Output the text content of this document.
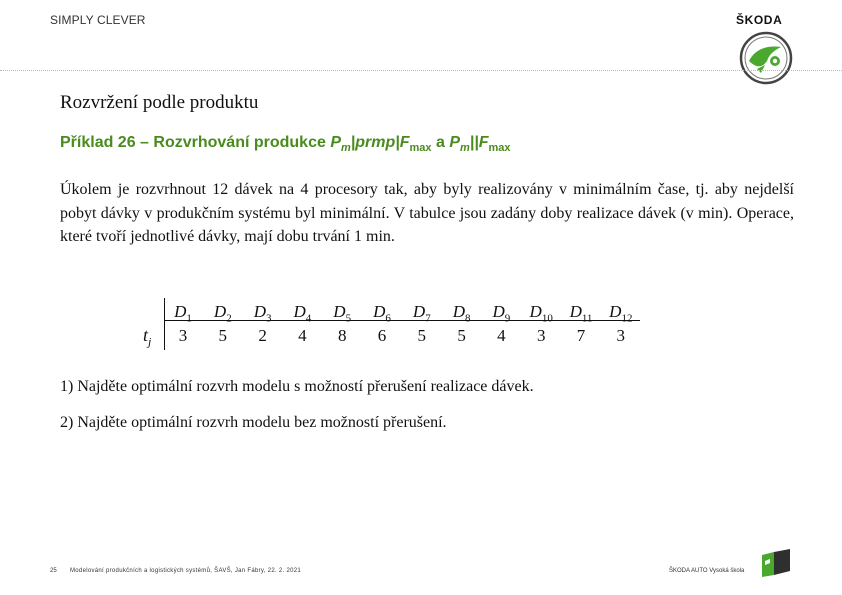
SIMPLY CLEVER	ŠKODA
Rozvržení podle produktu
Příklad 26 – Rozvrhování produkce $P_m|prmp|F_{max}$ a $P_m||F_{max}$
Úkolem je rozvrhnout 12 dávek na 4 procesory tak, aby byly realizovány v minimálním čase, tj. aby nejdelší pobyt dávky v produkčním systému byl minimální. V tabulce jsou zadány doby realizace dávek (v min). Operace, které tvoří jednotlivé dávky, mají dobu trvání 1 min.
$t_j$
$D_1$
3
$D_2$
5
$D_3$
2
$D_4$
4
$D_5$
8
$D_6$
6
$D_7$
5
$D_8$
5
$D_9$
4
$D_{10}$
3
$D_{11}$
7
$D_{12}$
3
1) Najděte optimální rozvrh modelu s možností přerušení realizace dávek.
2) Najděte optimální rozvrh modelu bez možností přerušení.
25 Modelování produkčních a logistických systémů, ŠAVŠ, Jan Fábry, 22. 2. 2021	ŠKODA AUTO Vysoká škola
